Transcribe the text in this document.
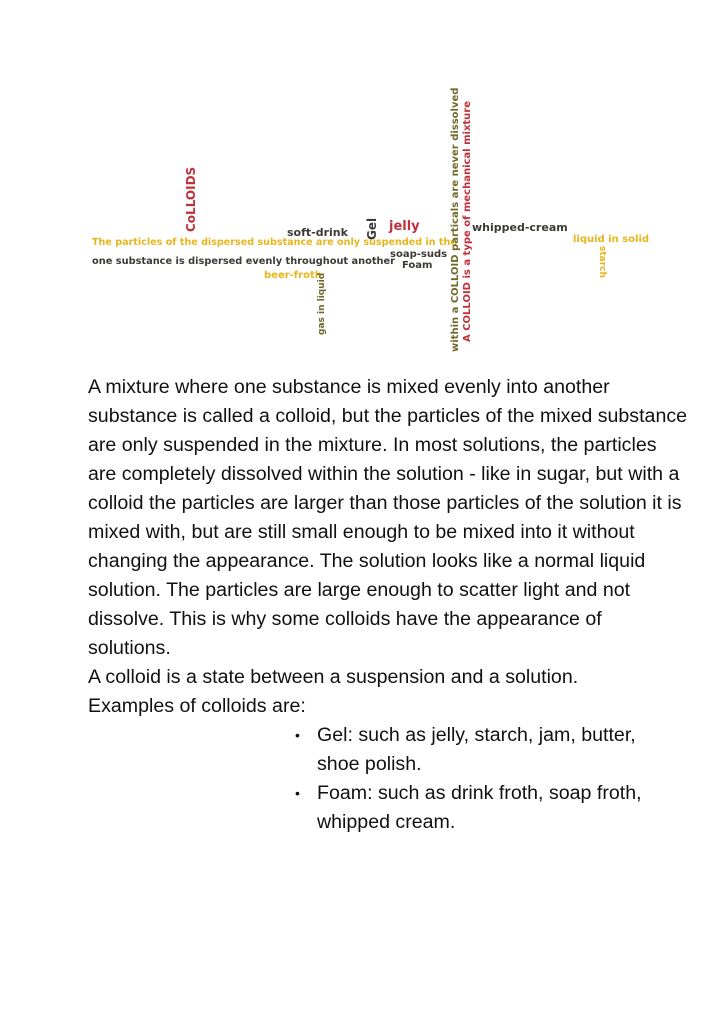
CoLLOIDS
soft-drink Gel jelly	whipped-cream
liquid in solid
starch
The particles of the dispersed substance are only suspended in the
one substance is dispersed evenly throughout another
soap-suds
Foam
beer-froth
gas in liquid	within a COLLOID particals are never dissolved A COLLOID is a type of mechanical mixture

A mixture where one substance is mixed evenly into another substance is called a colloid, but the particles of the mixed substance are only suspended in the mixture. In most solutions, the particles are completely dissolved within the solution - like in sugar, but with a colloid the particles are larger than those particles of the solution it is mixed with, but are still small enough to be mixed into it without changing the appearance. The solution looks like a normal liquid solution. The particles are large enough to scatter light and not dissolve. This is why some colloids have the appearance of solutions.

A colloid is a state between a suspension and a solution.

Examples of colloids are:

• Gel: such as jelly, starch, jam, butter, shoe polish.
• Foam: such as drink froth, soap froth, whipped cream.
